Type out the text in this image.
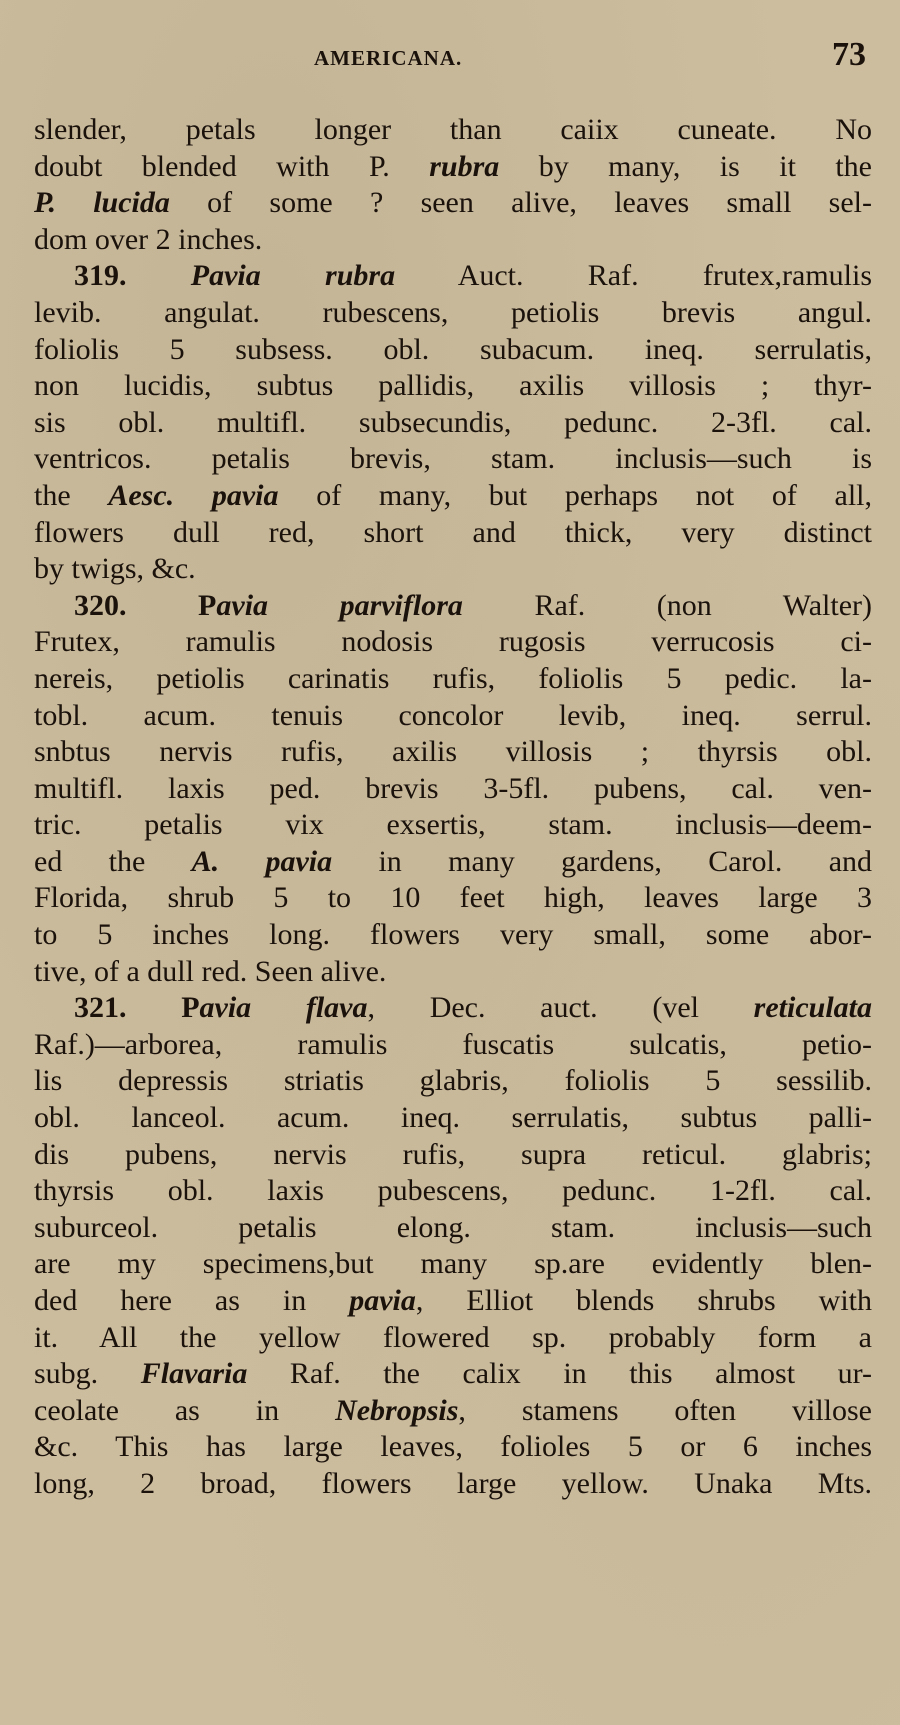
AMERICANA.	73
slender, petals longer than caiix cuneate. No
doubt blended with P. rubra by many, is it the
P. lucida of some ? seen alive, leaves small sel-
dom over 2 inches.
319. Pavia rubra Auct. Raf. frutex,ramulis
levib. angulat. rubescens, petiolis brevis angul.
foliolis 5 subsess. obl. subacum. ineq. serrulatis,
non lucidis, subtus pallidis, axilis villosis ; thyr-
sis obl. multifl. subsecundis, pedunc. 2-3fl. cal.
ventricos. petalis brevis, stam. inclusis—such is
the Aesc. pavia of many, but perhaps not of all,
flowers dull red, short and thick, very distinct
by twigs, &c.
320. Pavia parviflora Raf. (non Walter)
Frutex, ramulis nodosis rugosis verrucosis ci-
nereis, petiolis carinatis rufis, foliolis 5 pedic. la-
tobl. acum. tenuis concolor levib, ineq. serrul.
snbtus nervis rufis, axilis villosis ; thyrsis obl.
multifl. laxis ped. brevis 3-5fl. pubens, cal. ven-
tric. petalis vix exsertis, stam. inclusis—deem-
ed the A. pavia in many gardens, Carol. and
Florida, shrub 5 to 10 feet high, leaves large 3
to 5 inches long. flowers very small, some abor-
tive, of a dull red. Seen alive.
321. Pavia flava, Dec. auct. (vel reticulata
Raf.)—arborea, ramulis fuscatis sulcatis, petio-
lis depressis striatis glabris, foliolis 5 sessilib.
obl. lanceol. acum. ineq. serrulatis, subtus palli-
dis pubens, nervis rufis, supra reticul. glabris;
thyrsis obl. laxis pubescens, pedunc. 1-2fl. cal.
suburceol. petalis elong. stam. inclusis—such
are my specimens,but many sp.are evidently blen-
ded here as in pavia, Elliot blends shrubs with
it. All the yellow flowered sp. probably form a
subg. Flavaria Raf. the calix in this almost ur-
ceolate as in Nebropsis, stamens often villose
&c. This has large leaves, folioles 5 or 6 inches
long, 2 broad, flowers large yellow. Unaka Mts.
